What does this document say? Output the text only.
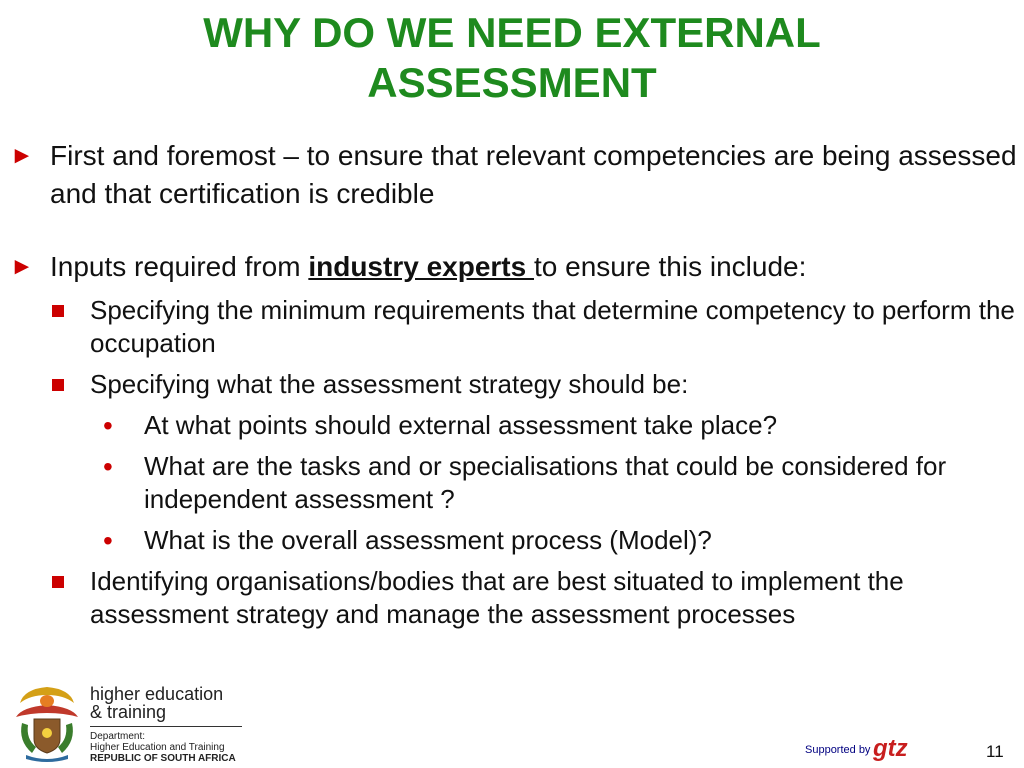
WHY DO WE NEED EXTERNAL
ASSESSMENT
► First and foremost – to ensure that relevant competencies are being assessed and that certification is credible
► Inputs required from industry experts to ensure this include:
Specifying the minimum requirements that determine competency to perform the occupation
Specifying what the assessment strategy should be:
• At what points should external assessment take place?
• What are the tasks and or specialisations that could be considered for independent assessment ?
• What is the overall assessment process (Model)?
Identifying organisations/bodies that are best situated to implement the assessment strategy and manage the assessment processes
higher education
& training
Department:
Higher Education and Training
REPUBLIC OF SOUTH AFRICA
Supported by gtz	11
